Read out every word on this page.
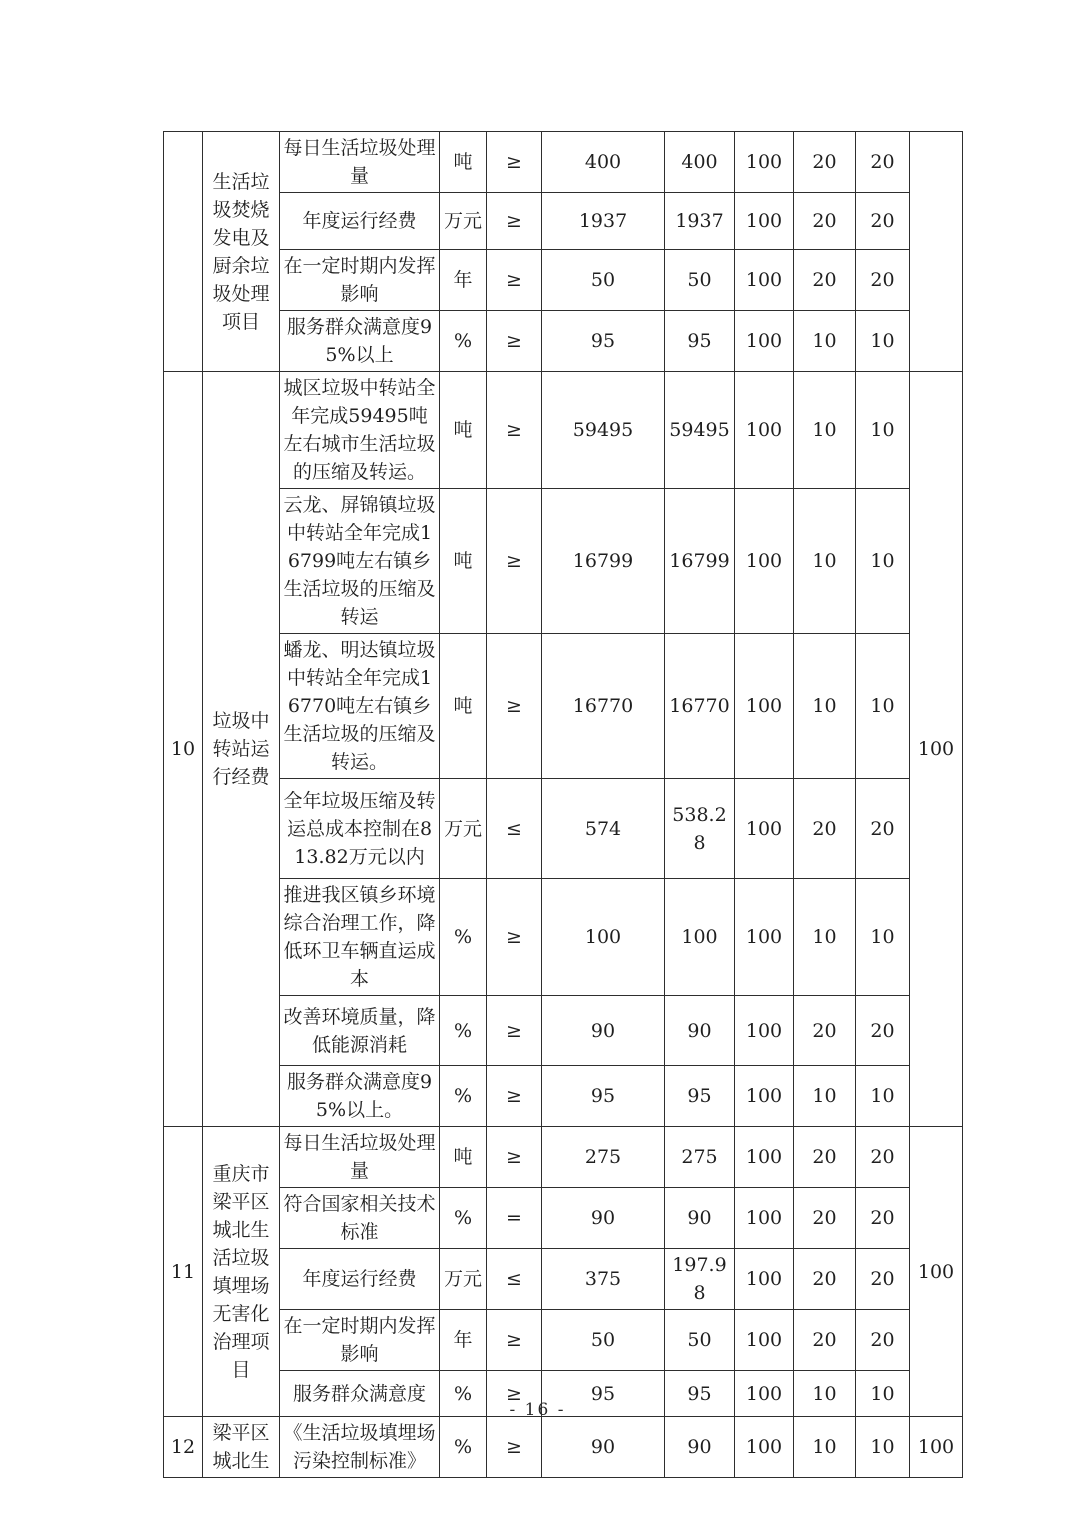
	生活垃圾焚烧发电及厨余垃圾处理项目	每日生活垃圾处理量	吨	≥	400	400	100	20	20	
		年度运行经费	万元	≥	1937	1937	100	20	20	
		在一定时期内发挥影响	年	≥	50	50	100	20	20	
		服务群众满意度95%以上	%	≥	95	95	100	10	10	
10	垃圾中转站运行经费	城区垃圾中转站全年完成59495吨左右城市生活垃圾的压缩及转运。	吨	≥	59495	59495	100	10	10	100
		云龙、屏锦镇垃圾中转站全年完成16799吨左右镇乡生活垃圾的压缩及转运	吨	≥	16799	16799	100	10	10	
		蟠龙、明达镇垃圾中转站全年完成16770吨左右镇乡生活垃圾的压缩及转运。	吨	≥	16770	16770	100	10	10	
		全年垃圾压缩及转运总成本控制在813.82万元以内	万元	≤	574	538.28	100	20	20	
		推进我区镇乡环境综合治理工作，降低环卫车辆直运成本	%	≥	100	100	100	10	10	
		改善环境质量，降低能源消耗	%	≥	90	90	100	20	20	
		服务群众满意度95%以上。	%	≥	95	95	100	10	10	
11	重庆市梁平区城北生活垃圾填埋场无害化治理项目	每日生活垃圾处理量	吨	≥	275	275	100	20	20	100
		符合国家相关技术标准	%	=	90	90	100	20	20	
		年度运行经费	万元	≤	375	197.98	100	20	20	
		在一定时期内发挥影响	年	≥	50	50	100	20	20	
		服务群众满意度	%	≥	95	95	100	10	10	
12	梁平区城北生	《生活垃圾填埋场污染控制标准》	%	≥	90	90	100	10	10	100
- 16 -
